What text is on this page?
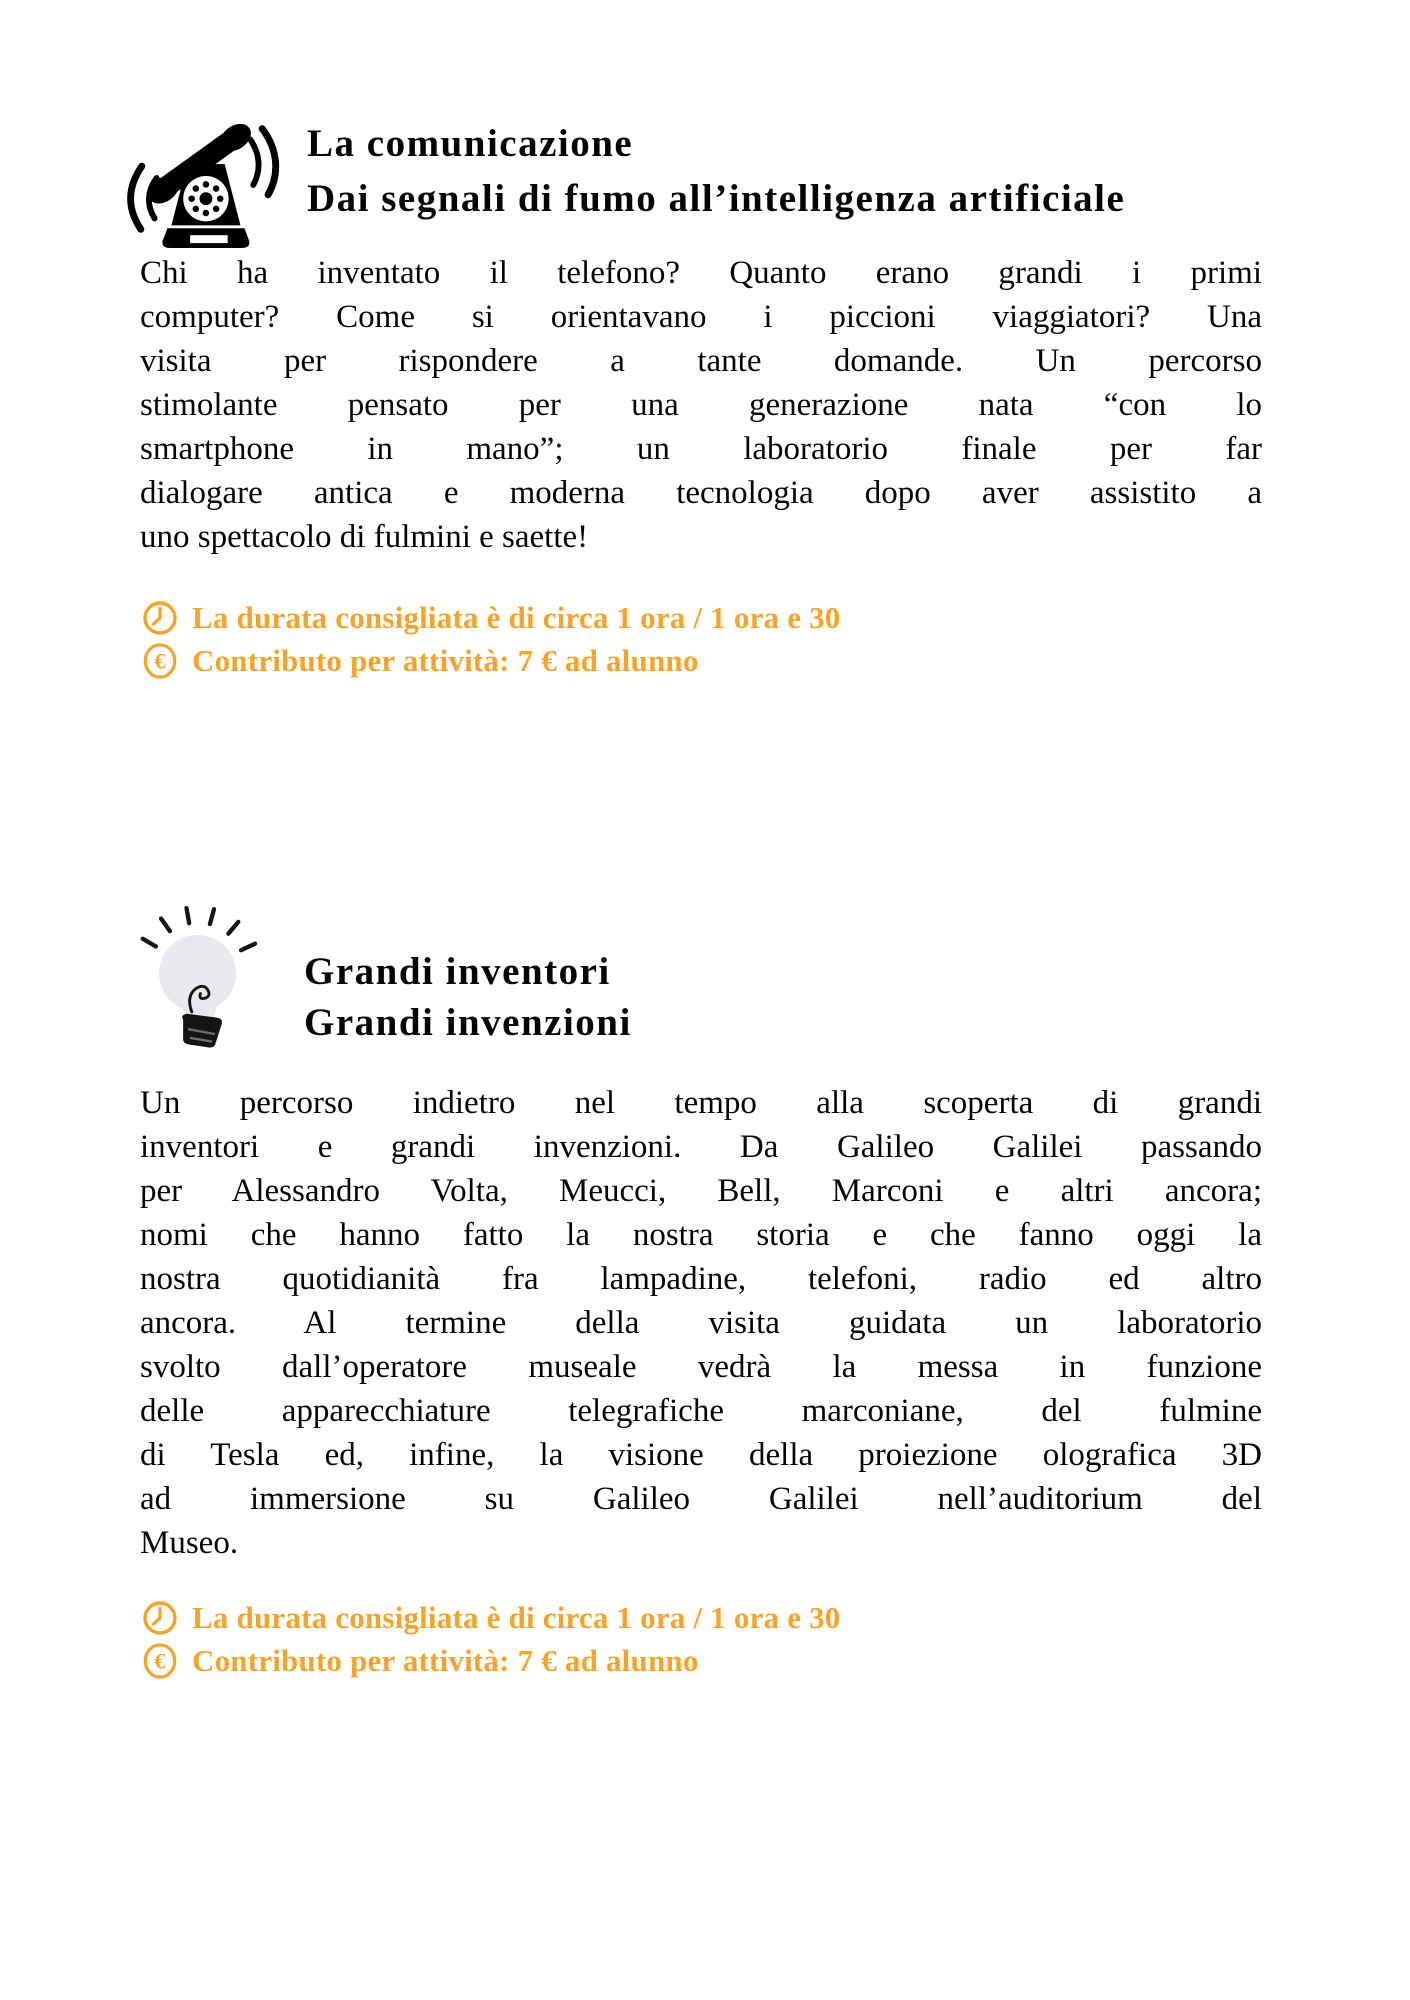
La comunicazione
Dai segnali di fumo all’intelligenza artificiale
Chi ha inventato il telefono? Quanto erano grandi i primi
computer? Come si orientavano i piccioni viaggiatori? Una
visita per rispondere a tante domande. Un percorso
stimolante pensato per una generazione nata “con lo
smartphone in mano”; un laboratorio finale per far
dialogare antica e moderna tecnologia dopo aver assistito a
uno spettacolo di fulmini e saette!
La durata consigliata è di circa 1 ora / 1 ora e 30
€ Contributo per attività: 7 € ad alunno
Grandi inventori
Grandi invenzioni
Un percorso indietro nel tempo alla scoperta di grandi
inventori e grandi invenzioni. Da Galileo Galilei passando
per Alessandro Volta, Meucci, Bell, Marconi e altri ancora;
nomi che hanno fatto la nostra storia e che fanno oggi la
nostra quotidianità fra lampadine, telefoni, radio ed altro
ancora. Al termine della visita guidata un laboratorio
svolto dall’operatore museale vedrà la messa in funzione
delle apparecchiature telegrafiche marconiane, del fulmine
di Tesla ed, infine, la visione della proiezione olografica 3D
ad immersione su Galileo Galilei nell’auditorium del
Museo.
La durata consigliata è di circa 1 ora / 1 ora e 30
€ Contributo per attività: 7 € ad alunno
